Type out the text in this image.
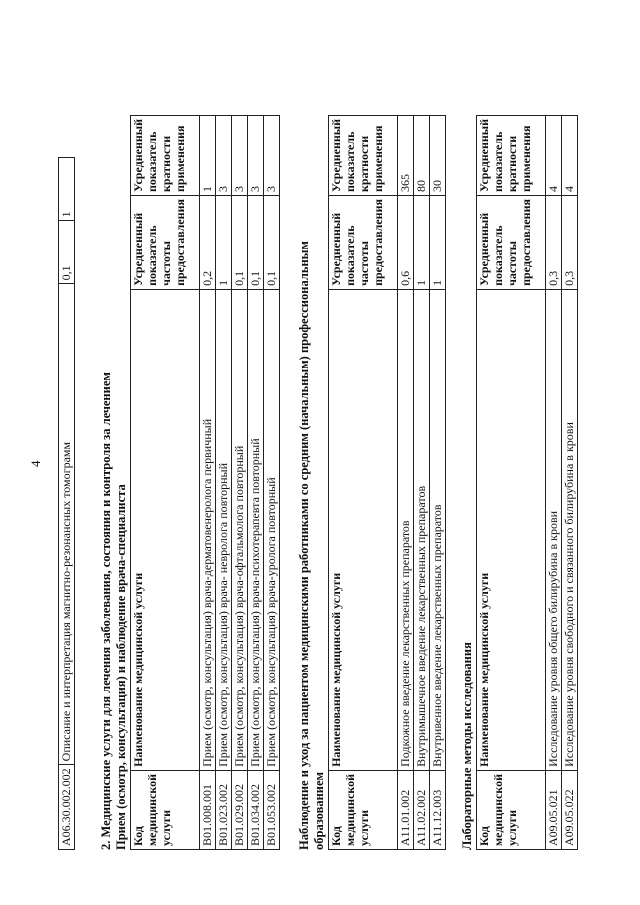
4
A06.30.002.002	Описание и интерпретация магнитно-резонансных томограмм	0,1	1
2. Медицинские услуги для лечения заболевания, состояния и контроля за лечением Прием (осмотр, консультация) и наблюдение врача-специалиста Код медицинской услуги	Наименование медицинской услуги	Усредненный показатель частоты предоставления	Усредненный показатель кратности применения
B01.008.001	Прием (осмотр, консультация) врача-дерматовенеролога первичный	0,2	1
B01.023.002	Прием (осмотр, консультация) врача- невролога повторный	1	3
B01.029.002	Прием (осмотр, консультация) врача-офтальмолога повторный	0,1	3
B01.034.002	Прием (осмотр, консультация) врача-психотерапевта повторный	0,1	3
B01.053.002	Прием (осмотр, консультация) врача-уролога повторный	0,1	3
Наблюдение и уход за пациентом медицинскими работниками со средним (начальным) профессиональным образованием Код медицинской услуги	Наименование медицинской услуги	Усредненный показатель частоты предоставления	Усредненный показатель кратности применения
A11.01.002	Подкожное введение лекарственных препаратов	0,6	365
A11.02.002	Внутримышечное введение лекарственных препаратов	1	80
A11.12.003	Внутривенное введение лекарственных препаратов	1	30
Лабораторные методы исследования Код медицинской услуги	Наименование медицинской услуги	Усредненный показатель частоты предоставления	Усредненный показатель кратности применения
A09.05.021	Исследование уровня общего билирубина в крови	0,3	4
A09.05.022	Исследование уровня свободного и связанного билирубина в крови	0,3	4
